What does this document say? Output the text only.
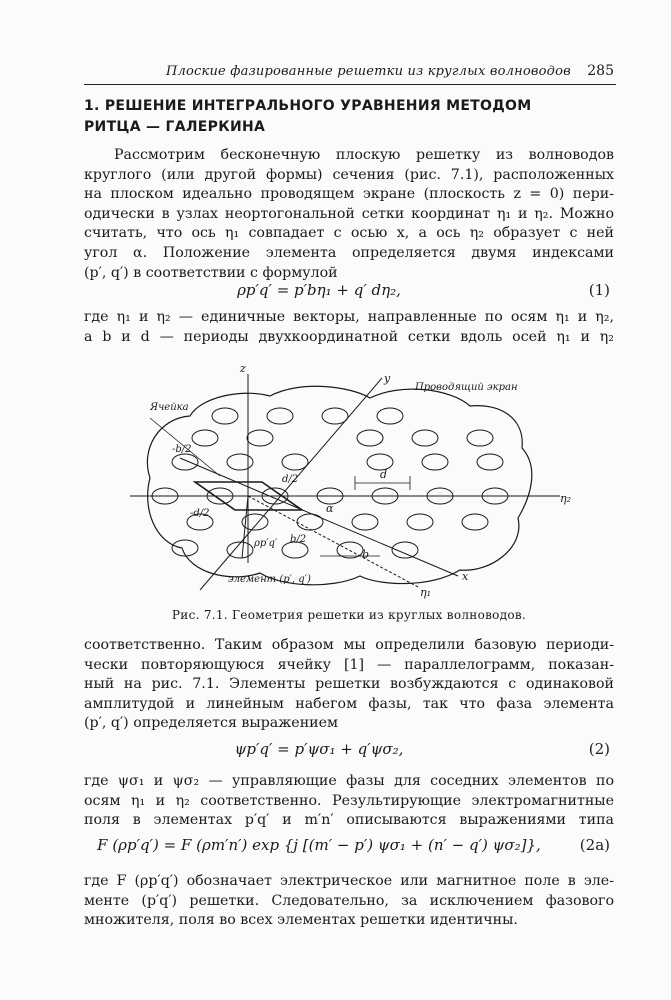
Плоские фазированные решетки из круглых волноводов 285
1. РЕШЕНИЕ ИНТЕГРАЛЬНОГО УРАВНЕНИЯ МЕТОДОМ
РИТЦА — ГАЛЕРКИНА
Рассмотрим бесконечную плоскую решетку из волноводов
круглого (или другой формы) сечения (рис. 7.1), расположенных
на плоском идеально проводящем экране (плоскость z = 0) пери-
одически в узлах неортогональной сетки координат η₁ и η₂. Можно
считать, что ось η₁ совпадает с осью x, а ось η₂ образует с ней
угол α. Положение элемента определяется двумя индексами
(p′, q′) в соответствии с формулой
ρp′q′ = p′bη₁ + q′ dη₂,	(1)
где η₁ и η₂ — единичные векторы, направленные по осям η₁ и η₂,
а b и d — периоды двухкоординатной сетки вдоль осей η₁ и η₂
z
y
x
η₁
η₂
Проводящий экран
Ячейка
-b/2
-d/2
d/2
b/2
d
b
α
ρp′q′
элемент (p′, q′)
Рис. 7.1. Геометрия решетки из круглых волноводов.
соответственно. Таким образом мы определили базовую периоди-
чески повторяющуюся ячейку [1] — параллелограмм, показан-
ный на рис. 7.1. Элементы решетки возбуждаются с одинаковой
амплитудой и линейным набегом фазы, так что фаза элемента
(p′, q′) определяется выражением
ψp′q′ = p′ψσ₁ + q′ψσ₂,	(2)
где ψσ₁ и ψσ₂ — управляющие фазы для соседних элементов по
осям η₁ и η₂ соответственно. Результирующие электромагнитные
поля в элементах p′q′ и m′n′ описываются выражениями типа
F (ρp′q′) = F (ρm′n′) exp {j [(m′ − p′) ψσ₁ + (n′ − q′) ψσ₂]},	(2a)
где F (ρp′q′) обозначает электрическое или магнитное поле в эле-
менте (p′q′) решетки. Следовательно, за исключением фазового
множителя, поля во всех элементах решетки идентичны.
